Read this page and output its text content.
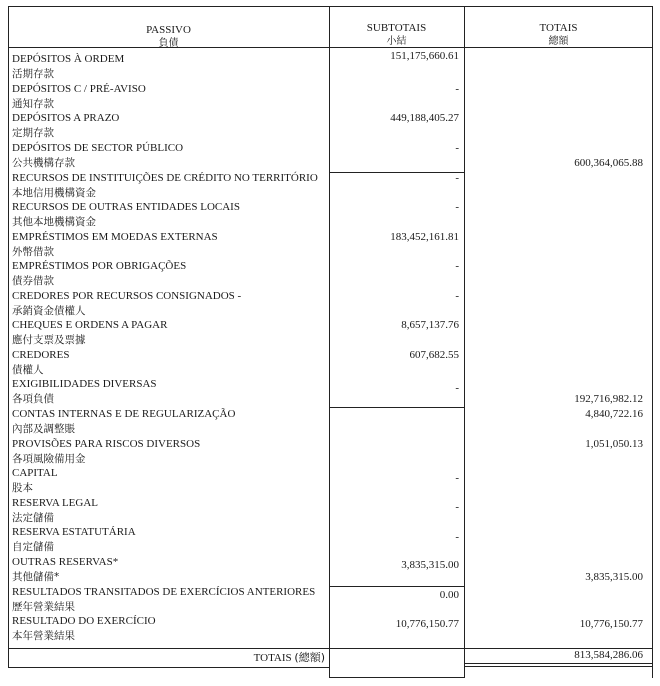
PASSIVO
負債
SUBTOTAIS
小結
TOTAIS
總額
DEPÓSITOS À ORDEM
活期存款
151,175,660.61
DEPÓSITOS C / PRÉ-AVISO
通知存款
-
DEPÓSITOS A PRAZO
定期存款
449,188,405.27
DEPÓSITOS DE SECTOR PÚBLICO
公共機構存款
-
600,364,065.88
RECURSOS DE INSTITUIÇÕES DE CRÉDITO NO TERRITÓRIO
本地信用機構資金
-
RECURSOS DE OUTRAS ENTIDADES LOCAIS
其他本地機構資金
-
EMPRÉSTIMOS EM MOEDAS EXTERNAS
外幣借款
183,452,161.81
EMPRÉSTIMOS POR OBRIGAÇÕES
債券借款
-
CREDORES POR RECURSOS CONSIGNADOS -
承銷資金債權人
-
CHEQUES E ORDENS A PAGAR
應付支票及票據
8,657,137.76
CREDORES
債權人
607,682.55
EXIGIBILIDADES DIVERSAS
各項負債
-
192,716,982.12
CONTAS INTERNAS E DE REGULARIZAÇÃO
內部及調整賬
4,840,722.16
PROVISÕES PARA RISCOS DIVERSOS
各項風險備用金
1,051,050.13
CAPITAL
股本
-
RESERVA LEGAL
法定儲備
-
RESERVA ESTATUTÁRIA
自定儲備
-
OUTRAS RESERVAS*
其他儲備*
3,835,315.00
3,835,315.00
RESULTADOS TRANSITADOS DE EXERCÍCIOS ANTERIORES
歷年營業結果
0.00
RESULTADO DO EXERCÍCIO
本年營業結果
10,776,150.77	10,776,150.77
TOTAIS (總額)	813,584,286.06
